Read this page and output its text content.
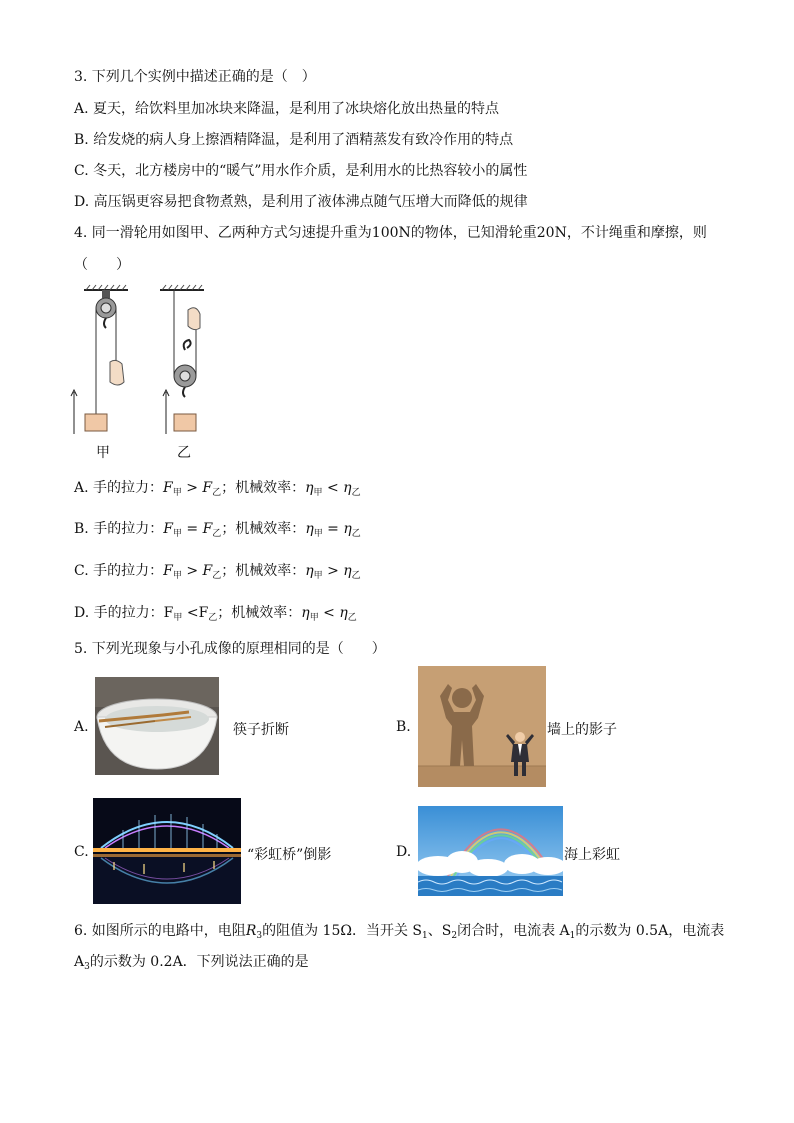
3. 下列几个实例中描述正确的是（　）
A. 夏天，给饮料里加冰块来降温，是利用了冰块熔化放出热量的特点
B. 给发烧的病人身上擦酒精降温，是利用了酒精蒸发有致冷作用的特点
C. 冬天，北方楼房中的“暖气”用水作介质，是利用水的比热容较小的属性
D. 高压锅更容易把食物煮熟，是利用了液体沸点随气压增大而降低的规律
4. 同一滑轮用如图甲、乙两种方式匀速提升重为100N的物体，已知滑轮重20N，不计绳重和摩擦，则
（　　）
甲	乙
A. 手的拉力：$F_甲 > F_乙$；机械效率：$\eta_甲 < \eta_乙$
B. 手的拉力：$F_甲 = F_乙$；机械效率：$\eta_甲 = \eta_乙$
C. 手的拉力：$F_甲 > F_乙$；机械效率：$\eta_甲 > \eta_乙$
D. 手的拉力：$F_甲 <F_乙$；机械效率：$\eta_甲 < \eta_乙$
5. 下列光现象与小孔成像的原理相同的是（　　）
A.	筷子折断	B.	墙上的影子
C.	“彩虹桥”倒影	D.	海上彩虹
6. 如图所示的电路中，电阻$R_3$的阻值为 15Ω．当开关 $S_1$、$S_2$闭合时，电流表 $A_1$的示数为 0.5A，电流表
$A_3$的示数为 0.2A．下列说法正确的是
